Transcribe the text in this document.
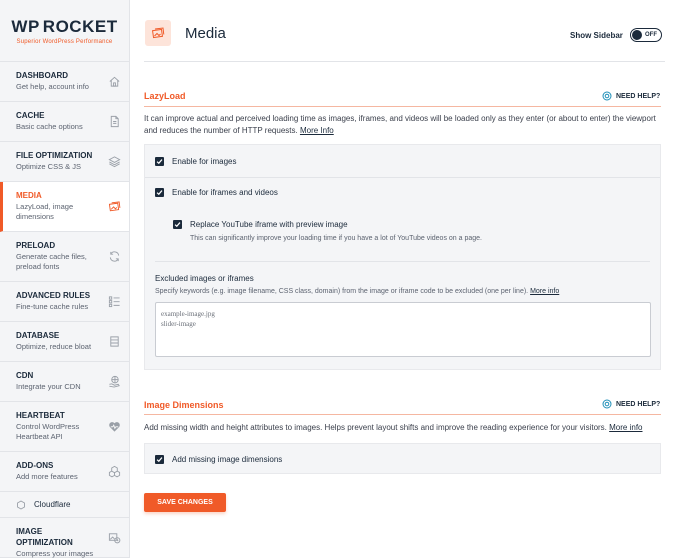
WP ROCKET
Superior WordPress Performance
DASHBOARD
Get help, account info
CACHE
Basic cache options
FILE OPTIMIZATION
Optimize CSS & JS
MEDIA
LazyLoad, image dimensions
PRELOAD
Generate cache files, preload fonts
ADVANCED RULES
Fine-tune cache rules
DATABASE
Optimize, reduce bloat
CDN
Integrate your CDN
HEARTBEAT
Control WordPress Heartbeat API
ADD-ONS
Add more features
Cloudflare
IMAGE OPTIMIZATION
Compress your images
Media	Show Sidebar	OFF
LazyLoad	NEED HELP?
It can improve actual and perceived loading time as images, iframes, and videos will be loaded only as they enter (or about to enter) the viewport and reduces the number of HTTP requests. More Info
Enable for images
Enable for iframes and videos
Replace YouTube iframe with preview image
This can significantly improve your loading time if you have a lot of YouTube videos on a page.
Excluded images or iframes
Specify keywords (e.g. image filename, CSS class, domain) from the image or iframe code to be excluded (one per line). More info
example-image.jpg
slider-image
Image Dimensions	NEED HELP?
Add missing width and height attributes to images. Helps prevent layout shifts and improve the reading experience for your visitors. More info
Add missing image dimensions
SAVE CHANGES
